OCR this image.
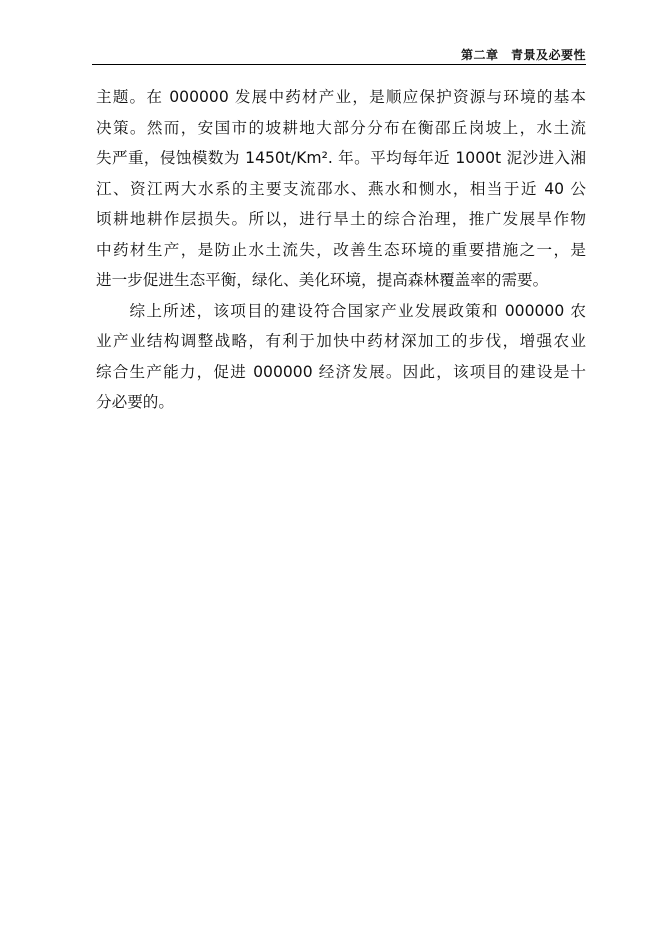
第二章　青景及必要性
主题。在 000000 发展中药材产业，是顺应保护资源与环境的基本
决策。然而，安国市的坡耕地大部分分布在衡邵丘岗坡上，水土流
失严重，侵蚀模数为 1450t/Km². 年。平均每年近 1000t 泥沙进入湘
江、资江两大水系的主要支流邵水、燕水和恻水，相当于近 40 公
顷耕地耕作层损失。所以，进行旱土的综合治理，推广发展旱作物
中药材生产，是防止水土流失，改善生态环境的重要措施之一，是
进一步促进生态平衡，绿化、美化环境，提高森林覆盖率的需要。
　　综上所述，该项目的建设符合国家产业发展政策和 000000 农
业产业结构调整战略，有利于加快中药材深加工的步伐，增强农业
综合生产能力，促进 000000 经济发展。因此，该项目的建设是十
分必要的。
